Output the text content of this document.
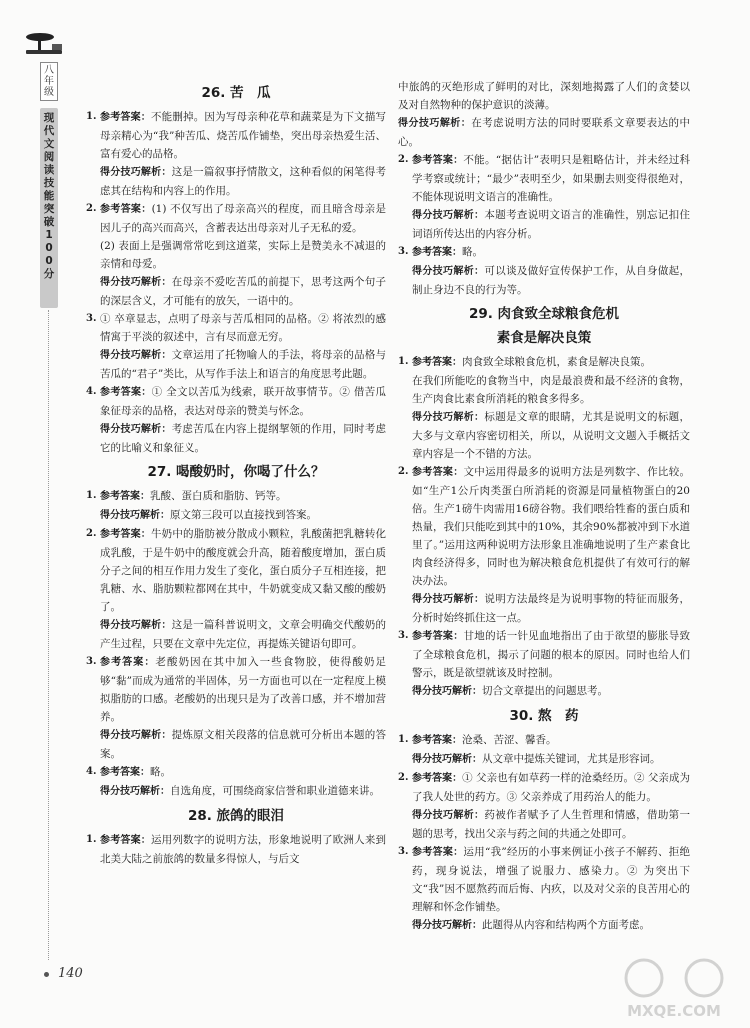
八年级
现代文阅读技能突破100分
26. 苦　瓜

1. 参考答案：不能删掉。因为写母亲种花草和蔬菜是为下文描写母亲精心为“我”种苦瓜、烧苦瓜作铺垫，突出母亲热爱生活、富有爱心的品格。

得分技巧解析：这是一篇叙事抒情散文，这种看似的闲笔得考虑其在结构和内容上的作用。

2. 参考答案：(1) 不仅写出了母亲高兴的程度，而且暗含母亲是因儿子的高兴而高兴，含蓄表达出母亲对儿子无私的爱。

(2) 表面上是强调常常吃到这道菜，实际上是赞美永不减退的亲情和母爱。

得分技巧解析：在母亲不爱吃苦瓜的前提下，思考这两个句子的深层含义，才可能有的放矢，一语中的。

3. ① 卒章显志，点明了母亲与苦瓜相同的品格。② 将浓烈的感情寓于平淡的叙述中，言有尽而意无穷。

得分技巧解析：文章运用了托物喻人的手法，将母亲的品格与苦瓜的“君子”类比，从写作手法上和语言的角度思考此题。

4. 参考答案：① 全文以苦瓜为线索，联开故事情节。② 借苦瓜象征母亲的品格，表达对母亲的赞美与怀念。

得分技巧解析：考虑苦瓜在内容上提纲挈领的作用，同时考虑它的比喻义和象征义。

27. 喝酸奶时，你喝了什么？

1. 参考答案：乳酸、蛋白质和脂肪、钙等。

得分技巧解析：原文第三段可以直接找到答案。

2. 参考答案：牛奶中的脂肪被分散成小颗粒，乳酸菌把乳糖转化成乳酸，于是牛奶中的酸度就会升高，随着酸度增加，蛋白质分子之间的相互作用力发生了变化，蛋白质分子互相连接，把乳糖、水、脂肪颗粒都网在其中，牛奶就变成又黏又酸的酸奶了。

得分技巧解析：这是一篇科普说明文，文章会明确交代酸奶的产生过程，只要在文章中先定位，再提炼关键语句即可。

3. 参考答案：老酸奶因在其中加入一些食物胶，使得酸奶足够“黏”而成为通常的半固体，另一方面也可以在一定程度上模拟脂肪的口感。老酸奶的出现只是为了改善口感，并不增加营养。

得分技巧解析：提炼原文相关段落的信息就可分析出本题的答案。

4. 参考答案：略。

得分技巧解析：自选角度，可围绕商家信誉和职业道德来讲。

28. 旅鸽的眼泪

1. 参考答案：运用列数字的说明方法，形象地说明了欧洲人来到北美大陆之前旅鸽的数量多得惊人，与后文

中旅鸽的灭绝形成了鲜明的对比，深刻地揭露了人们的贪婪以及对自然物种的保护意识的淡薄。

得分技巧解析：在考虑说明方法的同时要联系文章要表达的中心。

2. 参考答案：不能。“据估计”表明只是粗略估计，并未经过科学考察或统计；“最少”表明至少，如果删去则变得很绝对，不能体现说明文语言的准确性。

得分技巧解析：本题考查说明文语言的准确性，别忘记扣住词语所传达出的内容分析。

3. 参考答案：略。

得分技巧解析：可以谈及做好宣传保护工作，从自身做起，制止身边不良的行为等。

29. 肉食致全球粮食危机
素食是解决良策

1. 参考答案：肉食致全球粮食危机，素食是解决良策。

在我们所能吃的食物当中，肉是最浪费和最不经济的食物，生产肉食比素食所消耗的粮食多得多。

得分技巧解析：标题是文章的眼睛，尤其是说明文的标题，大多与文章内容密切相关，所以，从说明文文题入手概括文章内容是一个不错的方法。

2. 参考答案：文中运用得最多的说明方法是列数字、作比较。如“生产1公斤肉类蛋白所消耗的资源是同量植物蛋白的20倍。生产1磅牛肉需用16磅谷物。我们喂给牲畜的蛋白质和热量，我们只能吃到其中的10%，其余90%都被冲到下水道里了。”运用这两种说明方法形象且准确地说明了生产素食比肉食经济得多，同时也为解决粮食危机提供了有效可行的解决办法。

得分技巧解析：说明方法最终是为说明事物的特征而服务，分析时始终抓住这一点。

3. 参考答案：甘地的话一针见血地指出了由于欲望的膨胀导致了全球粮食危机，揭示了问题的根本的原因。同时也给人们警示，既是欲望就该及时控制。

得分技巧解析：切合文章提出的问题思考。

30. 熬　药

1. 参考答案：沧桑、苦涩、馨香。

得分技巧解析：从文章中提炼关键词，尤其是形容词。

2. 参考答案：① 父亲也有如草药一样的沧桑经历。② 父亲成为了我人处世的药方。③ 父亲养成了用药治人的能力。

得分技巧解析：药被作者赋予了人生哲理和情感，借助第一题的思考，找出父亲与药之间的共通之处即可。

3. 参考答案：运用“我”经历的小事来例证小孩子不解药、拒绝药，现身说法，增强了说服力、感染力。② 为突出下文“我”因不愿熬药而后悔、内疚，以及对父亲的良苦用心的理解和怀念作铺垫。

得分技巧解析：此题得从内容和结构两个方面考虑。

140
MXQE.COM
